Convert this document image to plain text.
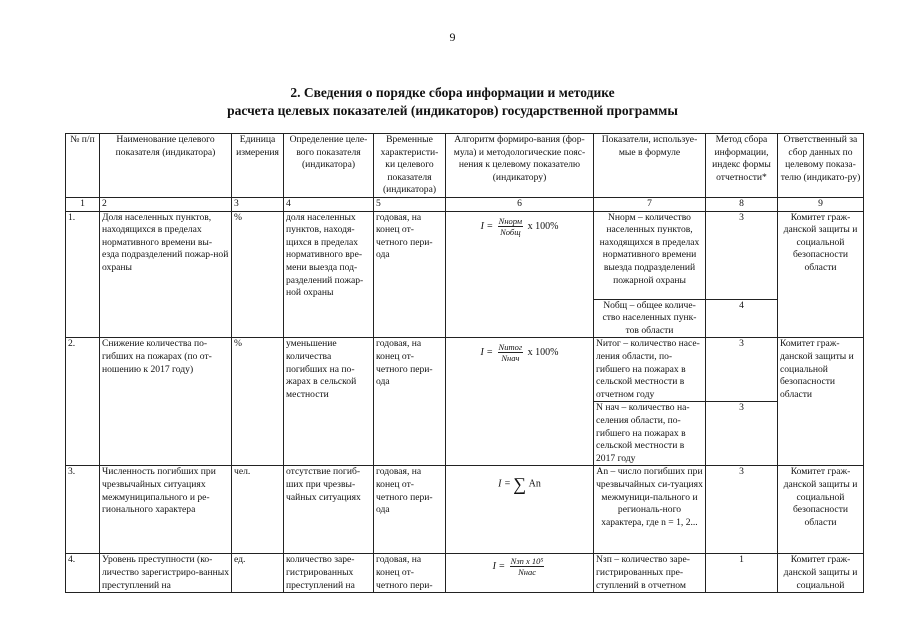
9
2. Сведения о порядке сбора информации и методике
расчета целевых показателей (индикаторов) государственной программы
№ п/п	Наименование целевого показателя (индикатора)	Единица измерения	Определение целе-вого показателя (индикатора)	Временные характеристи-ки целевого показателя (индикатора)	Алгоритм формиро-вания (фор-мула) и методологические пояс-нения к целевому показателю (индикатору)	Показатели, используе-мые в формуле	Метод сбора информации, индекс формы отчетности*	Ответственный за сбор данных по целевому показа-телю (индикато-ру)
1	2	3	4	5	6	7	8	9
1.	Доля населенных пунктов, находящихся в пределах нормативного времени вы-езда подразделений пожар-ной охраны	%	доля населенных пунктов, находя-щихся в пределах нормативного вре-мени выезда под-разделений пожар-ной охраны	годовая, на конец от-четного пери-ода	$I = \frac{\text{Nнорм}}{\text{Nобщ}}$ x 100%	Nнорм – количество населенных пунктов, находящихся в пределах нормативного времени выезда подразделений пожарной охраны	3	Комитет граж-данской защиты и социальной безопасности области
						Nобщ – общее количе-ство населенных пунк-тов области	4	
2.	Снижение количества по-гибших на пожарах (по от-ношению к 2017 году)	%	уменьшение количества погибших на по-жарах в сельской местности	годовая, на конец от-четного пери-ода	$I = \frac{\text{Nитог}}{\text{Nнач}}$ x 100%	Nитог – количество насе-ления области, по-гибшего на пожарах в сельской местности в отчетном году	3	Комитет граж-данской защиты и социальной безопасности области
						N нач – количество на-селения области, по-гибшего на пожарах в сельской местности в 2017 году	3	
3.	Численность погибших при чрезвычайных ситуациях межмуниципального и ре-гионального характера	чел.	отсутствие погиб-ших при чрезвы-чайных ситуациях	годовая, на конец от-четного пери-ода	I = ∑ An	An – число погибших при чрезвычайных си-туациях межмуници-пального и региональ-ного характера, где n = 1, 2...	3	Комитет граж-данской защиты и социальной безопасности области
4.	Уровень преступности (ко-личество зарегистриро-ванных преступлений на	ед.	количество заре-гистрированных преступлений на	годовая, на конец от-четного пери-	$I = \frac{\text{Nзп x 10⁵}}{\text{Nнас}}$	Nзп – количество заре-гистрированных пре-ступлений в отчетном	1	Комитет граж-данской защиты и социальной
